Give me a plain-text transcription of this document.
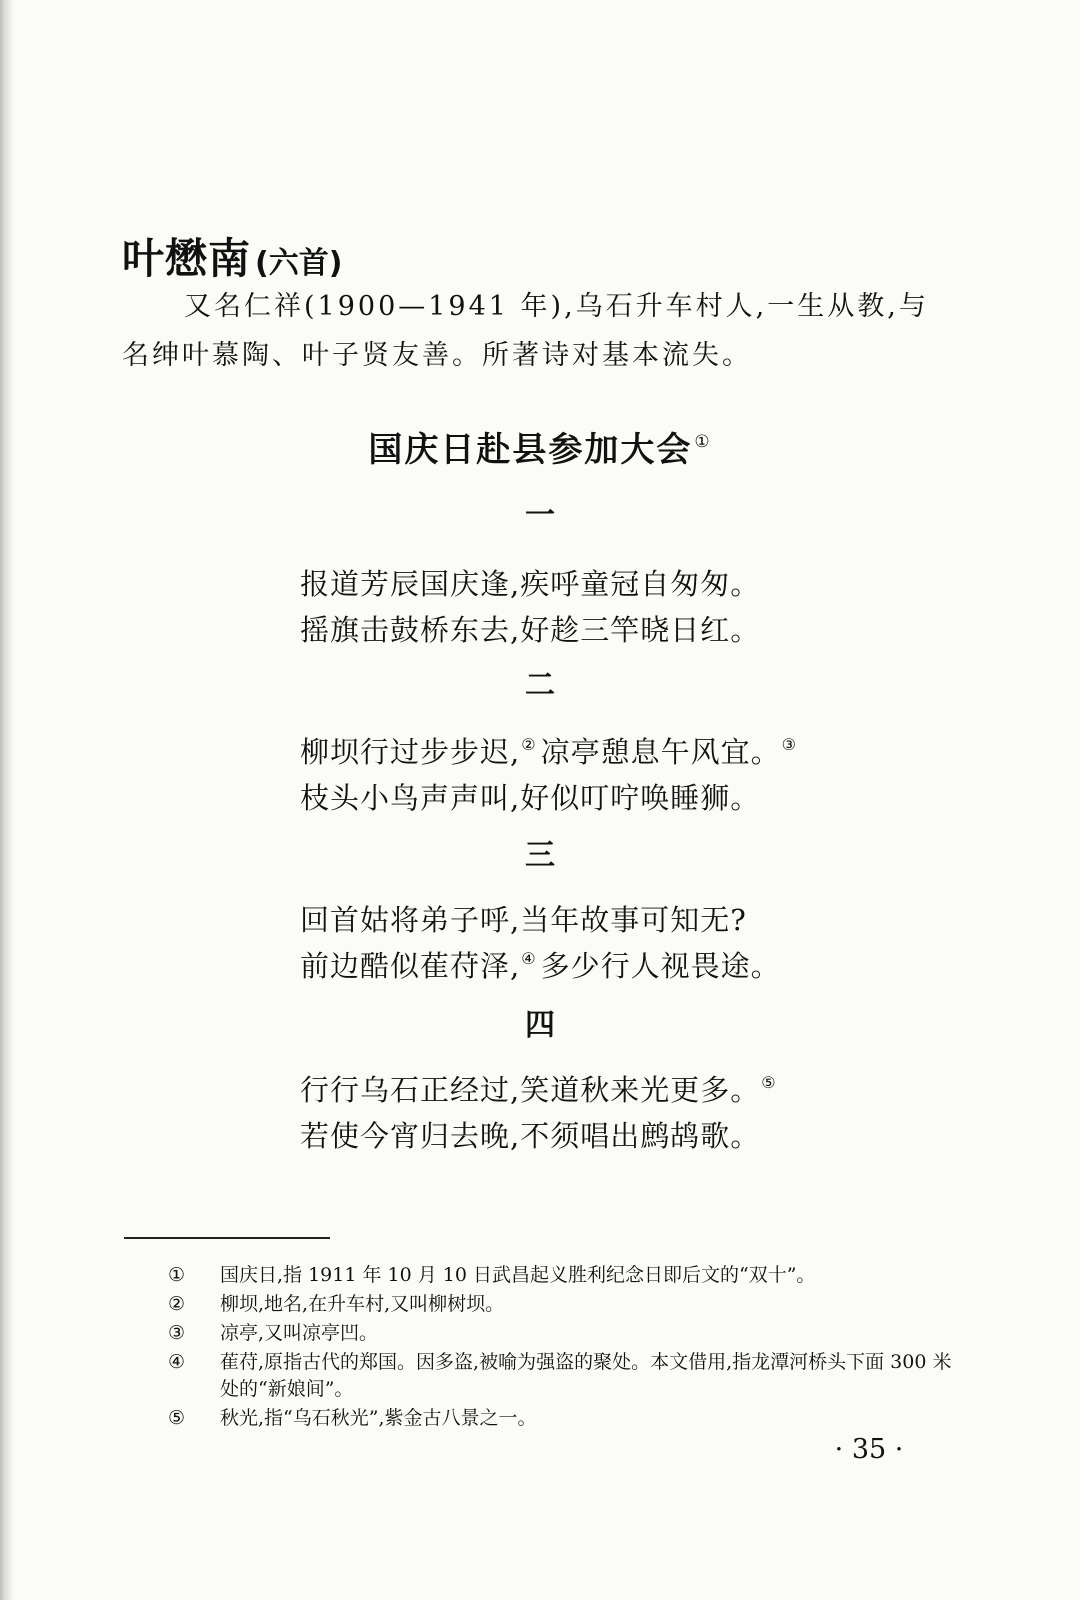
叶懋南 (六首)

又名仁祥(1900—1941 年),乌石升车村人,一生从教,与名绅叶慕陶、叶子贤友善。所著诗对基本流失。

国庆日赴县参加大会 ①
一
报道芳辰国庆逢,疾呼童冠自匆匆。
摇旗击鼓桥东去,好趁三竿晓日红。
二
柳坝行过步步迟,② 凉亭憩息午风宜。③
枝头小鸟声声叫,好似叮咛唤睡狮。
三
回首姑将弟子呼,当年故事可知无?
前边酷似萑苻泽,④ 多少行人视畏途。
四
行行乌石正经过,笑道秋来光更多。⑤
若使今宵归去晚,不须唱出鹧鸪歌。
①	国庆日,指 1911 年 10 月 10 日武昌起义胜利纪念日即后文的“双十”。
②	柳坝,地名,在升车村,又叫柳树坝。
③	凉亭,又叫凉亭凹。
④	萑苻,原指古代的郑国。因多盗,被喻为强盗的聚处。本文借用,指龙潭河桥头下面 300 米处的“新娘间”。
⑤	秋光,指“乌石秋光”,紫金古八景之一。
· 35 ·
